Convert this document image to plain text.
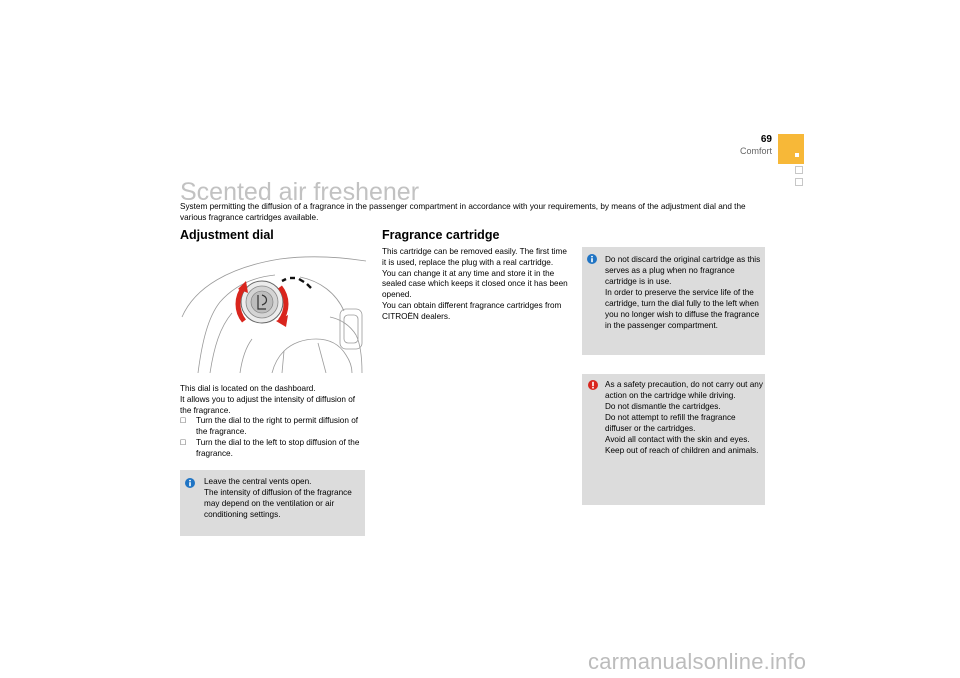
69
Comfort
Scented air freshener
System permitting the diffusion of a fragrance in the passenger compartment in accordance with your requirements, by means of the adjustment dial and the various fragrance cartridges available.
Adjustment dial

This dial is located on the dashboard.

It allows you to adjust the intensity of diffusion of the fragrance.

Turn the dial to the right to permit diffusion of the fragrance.
Turn the dial to the left to stop diffusion of the fragrance.

Leave the central vents open.

The intensity of diffusion of the fragrance may depend on the ventilation or air conditioning settings.

Fragrance cartridge

This cartridge can be removed easily. The first time it is used, replace the plug with a real cartridge.

You can change it at any time and store it in the sealed case which keeps it closed once it has been opened.

You can obtain different fragrance cartridges from CITROËN dealers.

Do not discard the original cartridge as this serves as a plug when no fragrance cartridge is in use.

In order to preserve the service life of the cartridge, turn the dial fully to the left when you no longer wish to diffuse the fragrance in the passenger compartment.

As a safety precaution, do not carry out any action on the cartridge while driving.

Do not dismantle the cartridges.

Do not attempt to refill the fragrance diffuser or the cartridges.

Avoid all contact with the skin and eyes.

Keep out of reach of children and animals.

carmanualsonline.info
